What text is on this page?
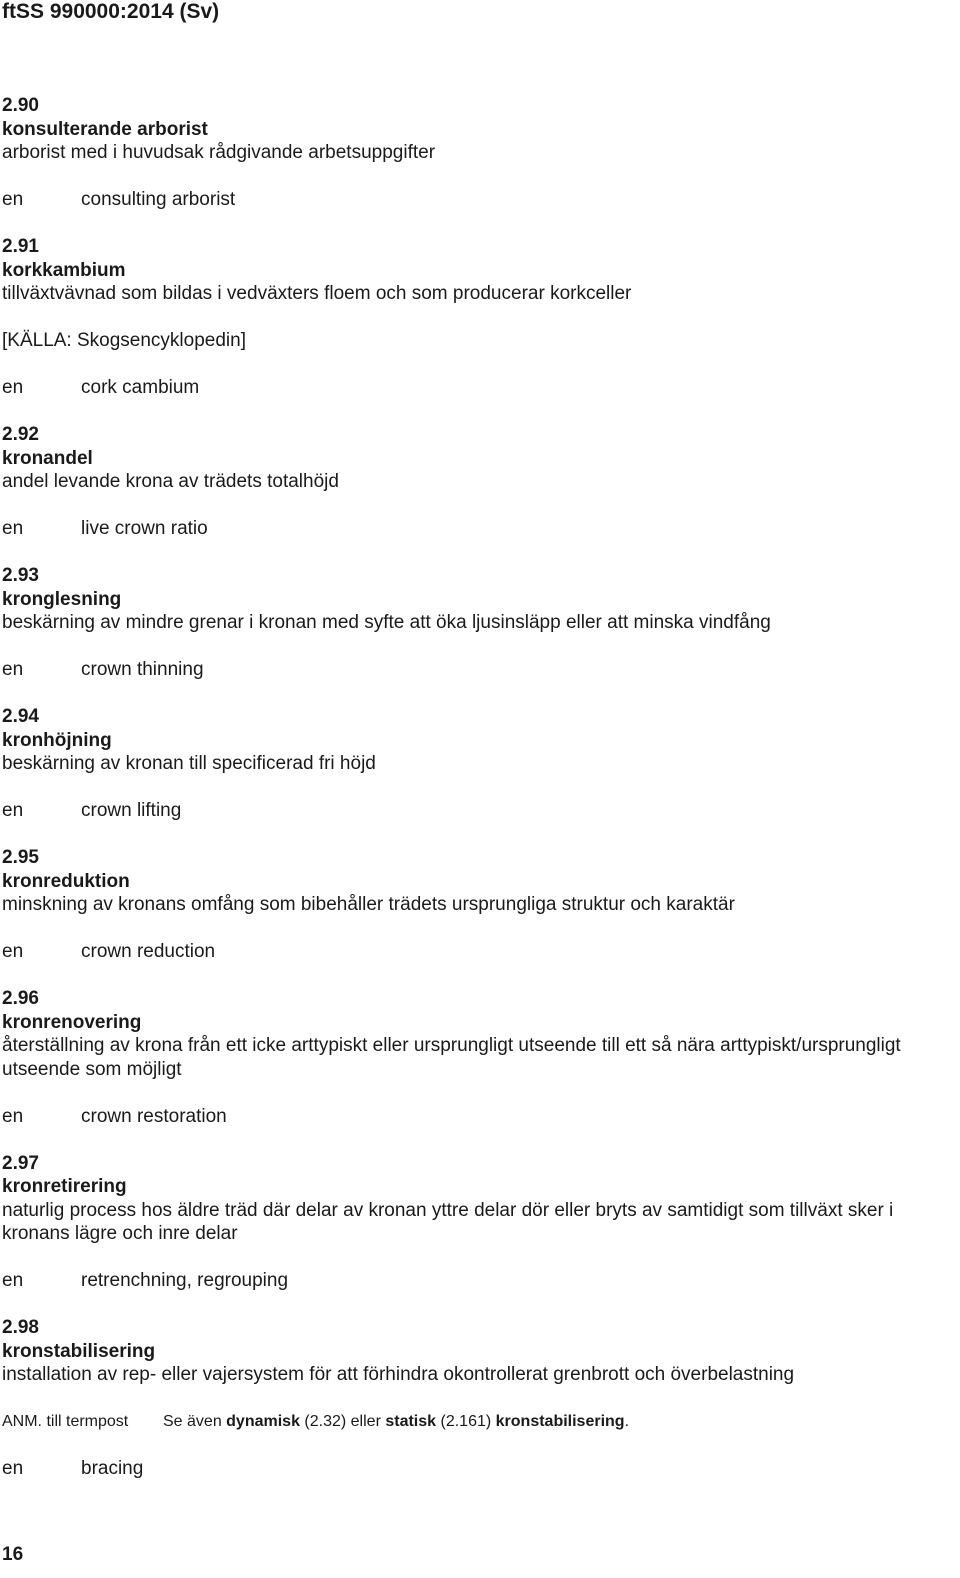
ftSS 990000:2014 (Sv)
2.90
konsulterande arborist
arborist med i huvudsak rådgivande arbetsuppgifter
en	consulting arborist
2.91
korkkambium
tillväxtvävnad som bildas i vedväxters floem och som producerar korkceller
[KÄLLA: Skogsencyklopedin]
en	cork cambium
2.92
kronandel
andel levande krona av trädets totalhöjd
en	live crown ratio
2.93
kronglesning
beskärning av mindre grenar i kronan med syfte att öka ljusinsläpp eller att minska vindfång
en	crown thinning
2.94
kronhöjning
beskärning av kronan till specificerad fri höjd
en	crown lifting
2.95
kronreduktion
minskning av kronans omfång som bibehåller trädets ursprungliga struktur och karaktär
en	crown reduction
2.96
kronrenovering
återställning av krona från ett icke arttypiskt eller ursprungligt utseende till ett så nära arttypiskt/ursprungligt utseende som möjligt
en	crown restoration
2.97
kronretirering
naturlig process hos äldre träd där delar av kronan yttre delar dör eller bryts av samtidigt som tillväxt sker i kronans lägre och inre delar
en	retrenchning, regrouping
2.98
kronstabilisering
installation av rep- eller vajersystem för att förhindra okontrollerat grenbrott och överbelastning
ANM. till termpost	Se även dynamisk (2.32) eller statisk (2.161) kronstabilisering.
en	bracing
16
